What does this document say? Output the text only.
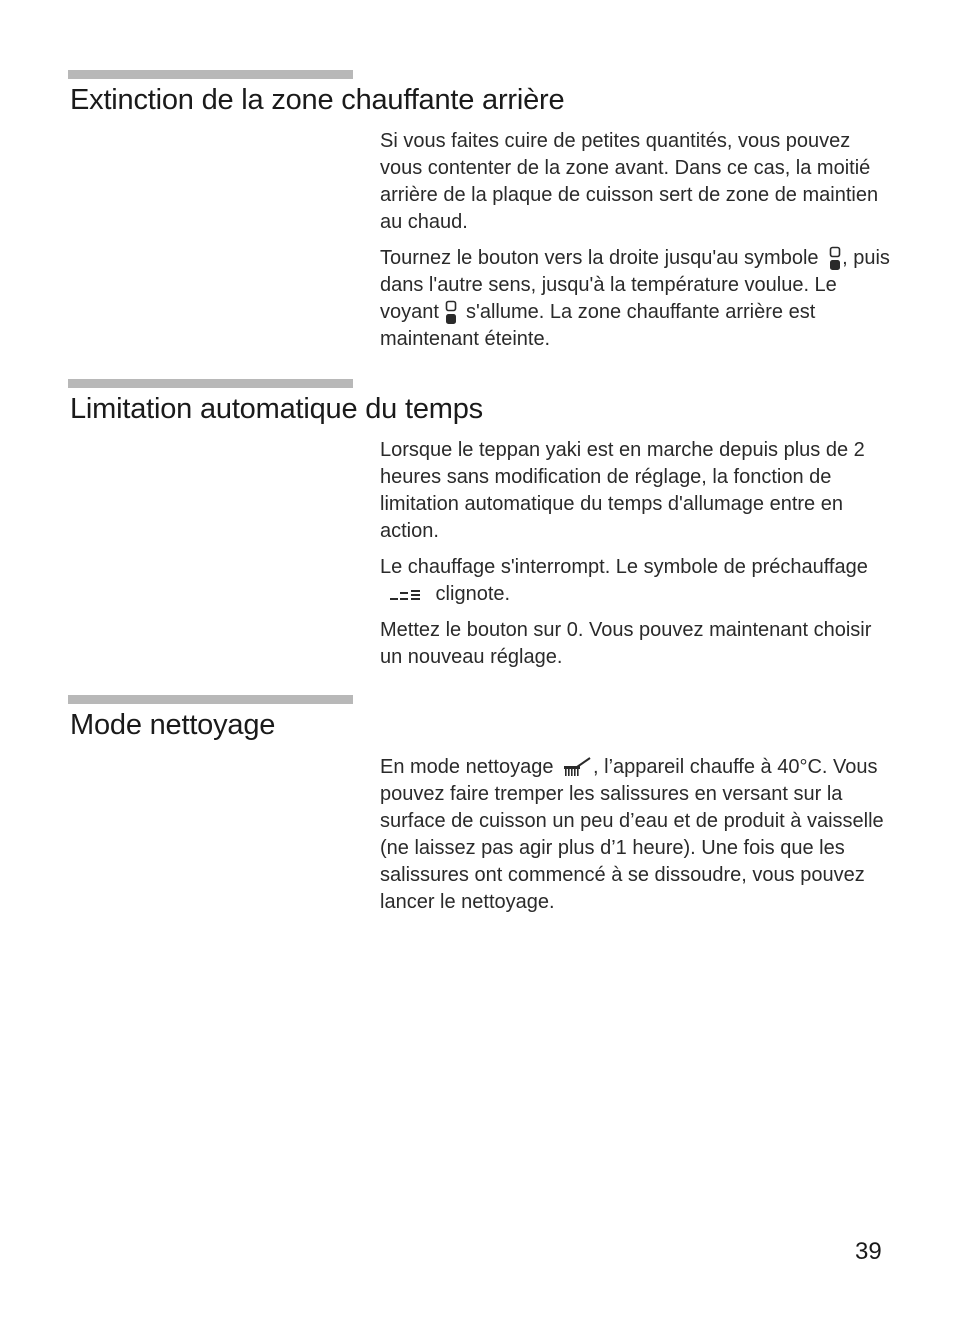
Extinction de la zone chauffante arrière

Si vous faites cuire de petites quantités, vous pouvez vous contenter de la zone avant. Dans ce cas, la moitié arrière de la plaque de cuisson sert de zone de maintien au chaud.

Tournez le bouton vers la droite jusqu'au symbole
, puis dans l'autre sens, jusqu'à la température voulue. Le voyant
s'allume. La zone chauffante arrière est maintenant éteinte.

Limitation automatique du temps

Lorsque le teppan yaki est en marche depuis plus de 2 heures sans modification de réglage, la fonction de limitation automatique du temps d'allumage entre en action.

Le chauffage s'interrompt. Le symbole de préchauffage
clignote.

Mettez le bouton sur 0. Vous pouvez maintenant choisir un nouveau réglage.

Mode nettoyage

En mode nettoyage
, l’appareil chauffe à 40°C. Vous pouvez faire tremper les salissures en versant sur la surface de cuisson un peu d’eau et de produit à vaisselle (ne laissez pas agir plus d’1 heure). Une fois que les salissures ont commencé à se dissoudre, vous pouvez lancer le nettoyage.

39
